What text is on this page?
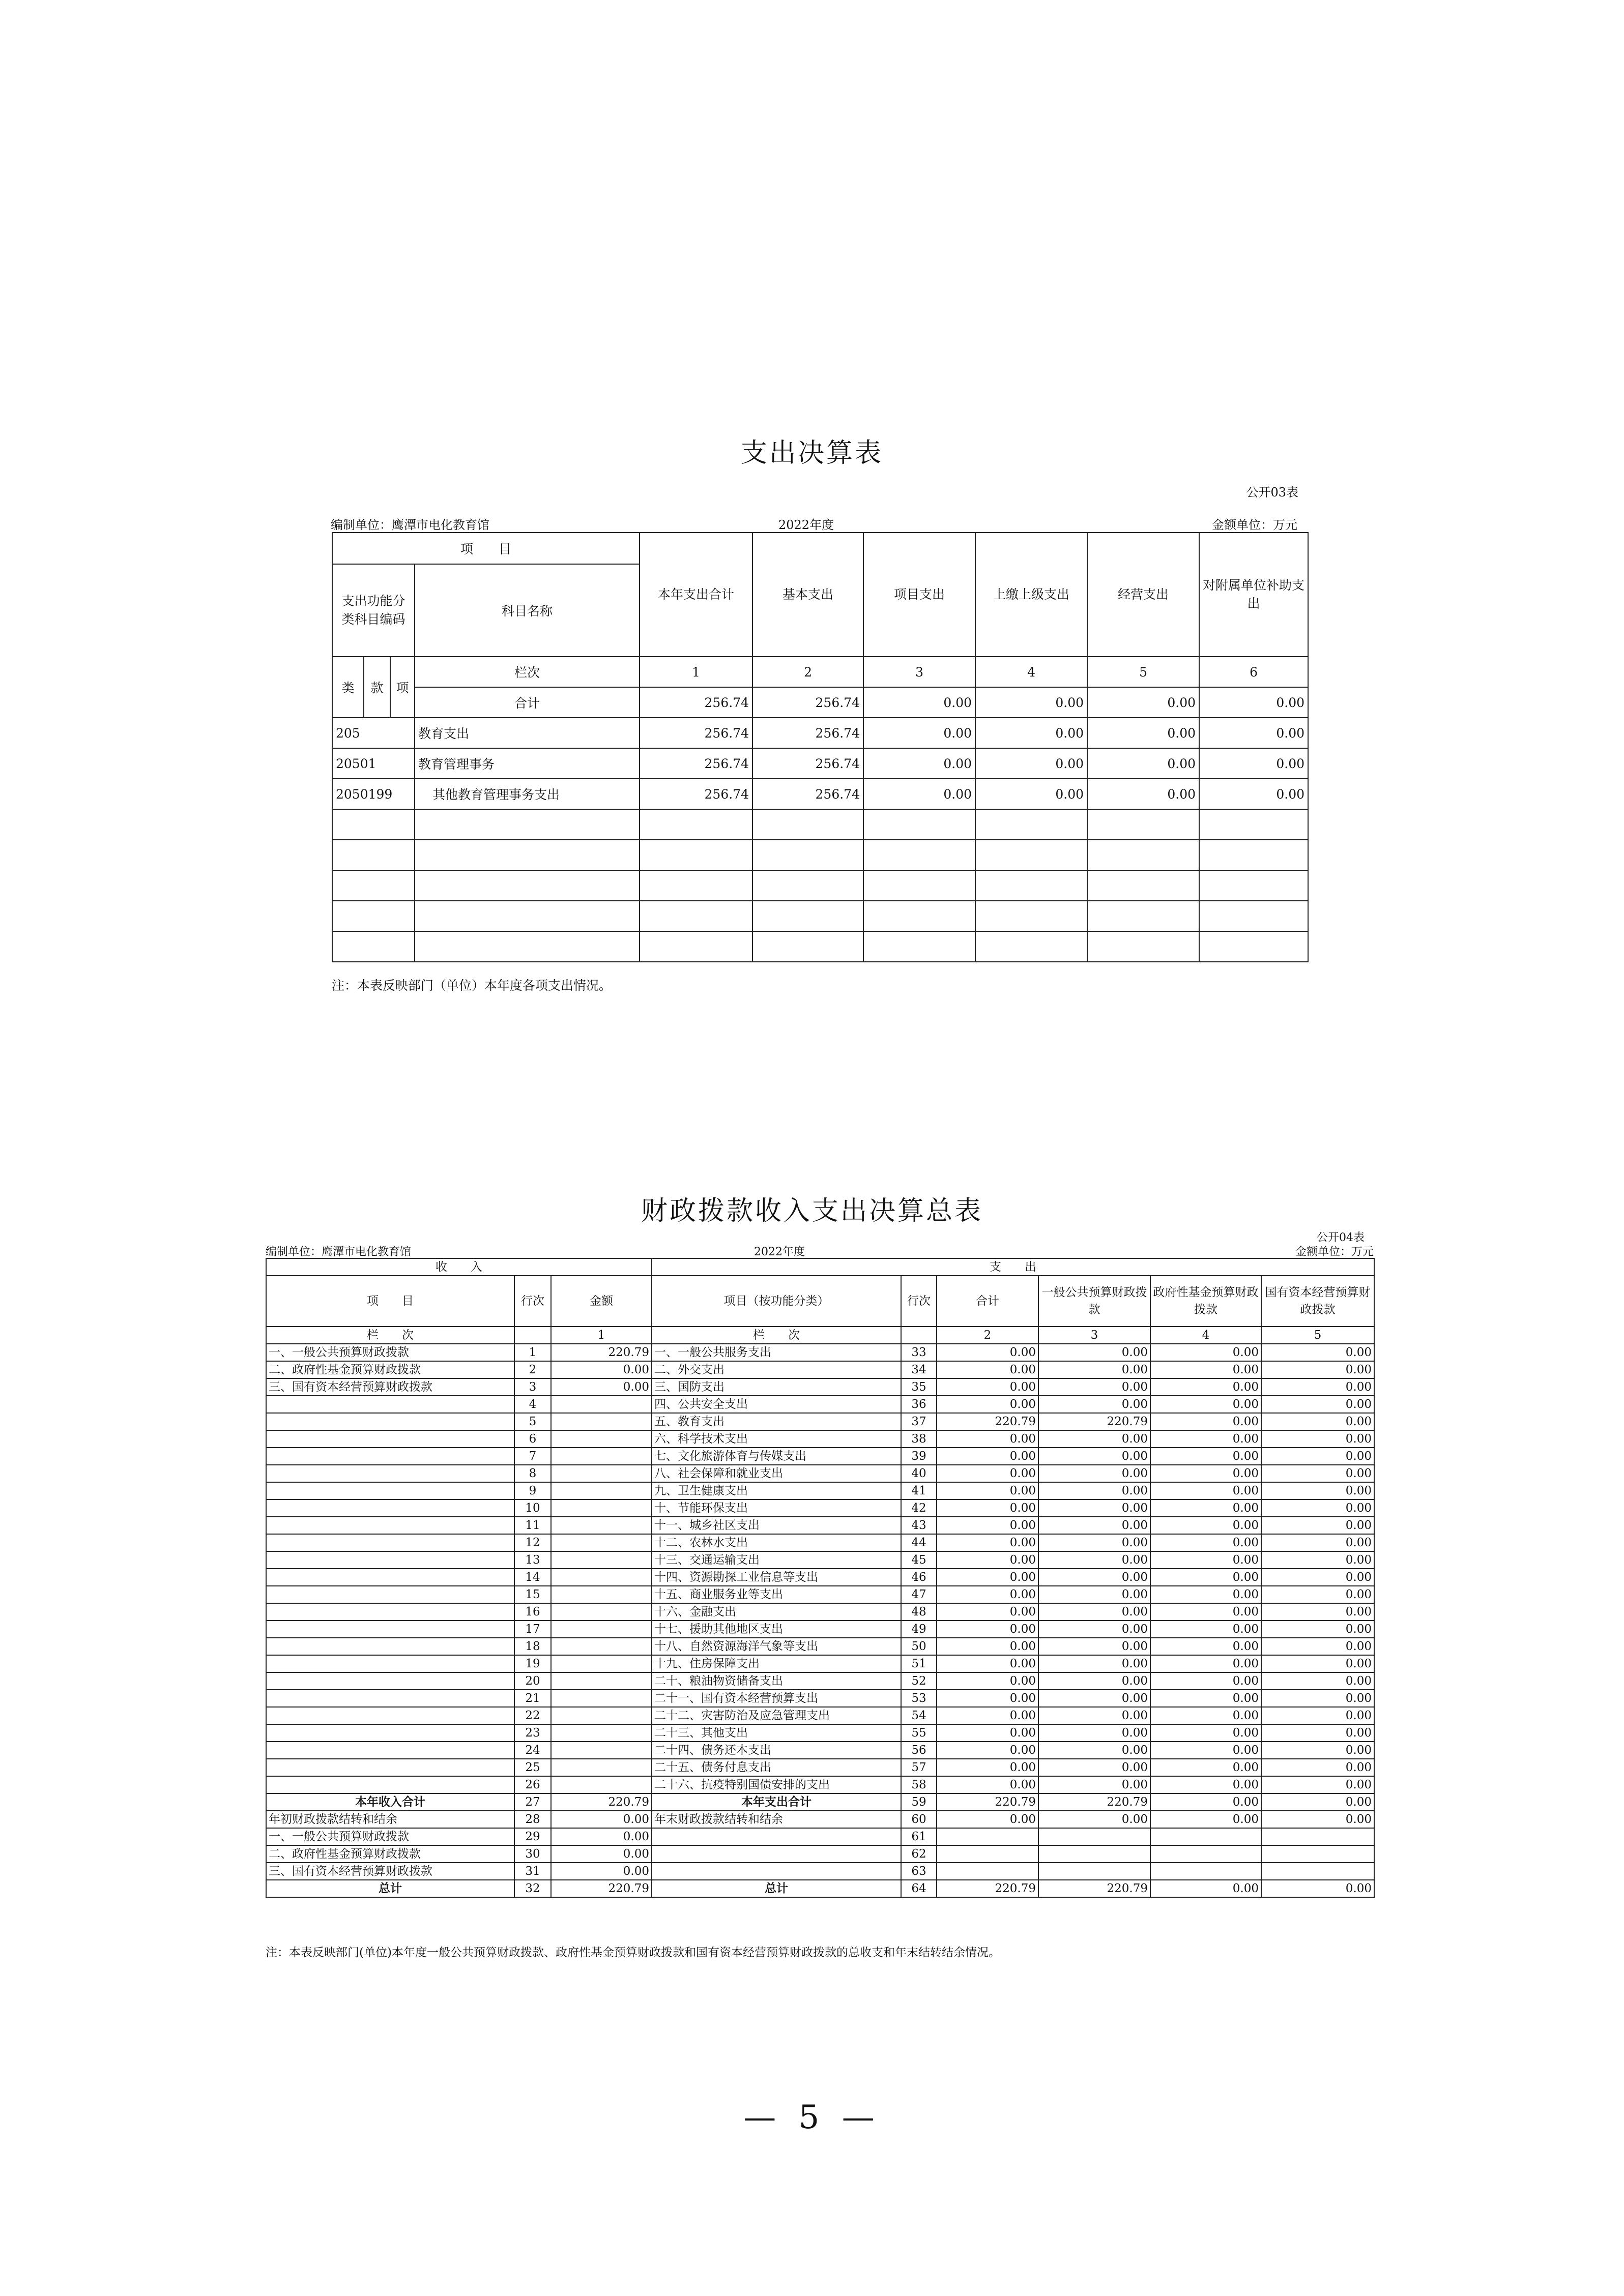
支出决算表
公开03表
编制单位：鹰潭市电化教育馆	2022年度	金额单位：万元
项　　目				本年支出合计	基本支出	项目支出	上缴上级支出	经营支出	对附属单位补助支出
支出功能分类科目编码			科目名称						
类	款	项	栏次	1	2	3	4	5	6
			合计	256.74	256.74	0.00	0.00	0.00	0.00
205			教育支出	256.74	256.74	0.00	0.00	0.00	0.00
20501			教育管理事务	256.74	256.74	0.00	0.00	0.00	0.00
2050199			其他教育管理事务支出	256.74	256.74	0.00	0.00	0.00	0.00

注：本表反映部门（单位）本年度各项支出情况。
财政拨款收入支出决算总表
公开04表
编制单位：鹰潭市电化教育馆	2022年度	金额单位：万元
收　　入			支　　出					
项　　目	行次	金额	项目（按功能分类）	行次	合计	一般公共预算财政拨款	政府性基金预算财政拨款	国有资本经营预算财政拨款
栏　　次		1	栏　　次		2	3	4	5
一、一般公共预算财政拨款	1	220.79	一、一般公共服务支出	33	0.00	0.00	0.00	0.00
二、政府性基金预算财政拨款	2	0.00	二、外交支出	34	0.00	0.00	0.00	0.00
三、国有资本经营预算财政拨款	3	0.00	三、国防支出	35	0.00	0.00	0.00	0.00
	4		四、公共安全支出	36	0.00	0.00	0.00	0.00
	5		五、教育支出	37	220.79	220.79	0.00	0.00
	6		六、科学技术支出	38	0.00	0.00	0.00	0.00
	7		七、文化旅游体育与传媒支出	39	0.00	0.00	0.00	0.00
	8		八、社会保障和就业支出	40	0.00	0.00	0.00	0.00
	9		九、卫生健康支出	41	0.00	0.00	0.00	0.00
	10		十、节能环保支出	42	0.00	0.00	0.00	0.00
	11		十一、城乡社区支出	43	0.00	0.00	0.00	0.00
	12		十二、农林水支出	44	0.00	0.00	0.00	0.00
	13		十三、交通运输支出	45	0.00	0.00	0.00	0.00
	14		十四、资源勘探工业信息等支出	46	0.00	0.00	0.00	0.00
	15		十五、商业服务业等支出	47	0.00	0.00	0.00	0.00
	16		十六、金融支出	48	0.00	0.00	0.00	0.00
	17		十七、援助其他地区支出	49	0.00	0.00	0.00	0.00
	18		十八、自然资源海洋气象等支出	50	0.00	0.00	0.00	0.00
	19		十九、住房保障支出	51	0.00	0.00	0.00	0.00
	20		二十、粮油物资储备支出	52	0.00	0.00	0.00	0.00
	21		二十一、国有资本经营预算支出	53	0.00	0.00	0.00	0.00
	22		二十二、灾害防治及应急管理支出	54	0.00	0.00	0.00	0.00
	23		二十三、其他支出	55	0.00	0.00	0.00	0.00
	24		二十四、债务还本支出	56	0.00	0.00	0.00	0.00
	25		二十五、债务付息支出	57	0.00	0.00	0.00	0.00
	26		二十六、抗疫特别国债安排的支出	58	0.00	0.00	0.00	0.00
本年收入合计	27	220.79	本年支出合计	59	220.79	220.79	0.00	0.00
年初财政拨款结转和结余	28	0.00	年末财政拨款结转和结余	60	0.00	0.00	0.00	0.00
一、一般公共预算财政拨款	29	0.00		61				
二、政府性基金预算财政拨款	30	0.00		62				
三、国有资本经营预算财政拨款	31	0.00		63				
总计	32	220.79	总计	64	220.79	220.79	0.00	0.00
注：本表反映部门(单位)本年度一般公共预算财政拨款、政府性基金预算财政拨款和国有资本经营预算财政拨款的总收支和年末结转结余情况。
— 5 —
